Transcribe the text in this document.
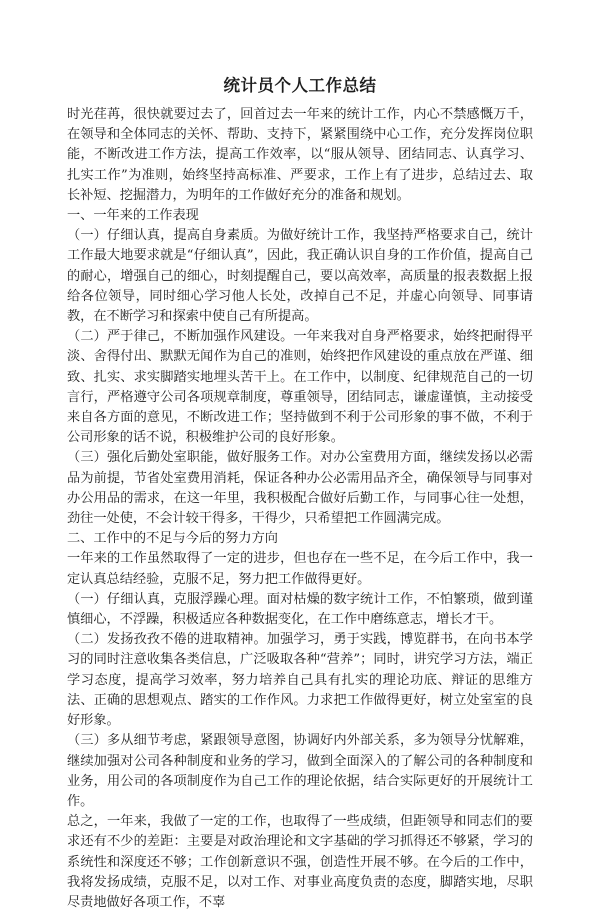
统计员个人工作总结

时光荏苒，很快就要过去了，回首过去一年来的统计工作，内心不禁感慨万千，在领导和全体同志的关怀、帮助、支持下，紧紧围绕中心工作，充分发挥岗位职能，不断改进工作方法，提高工作效率，以“服从领导、团结同志、认真学习、扎实工作”为准则，始终坚持高标准、严要求，工作上有了进步，总结过去、取长补短、挖掘潜力，为明年的工作做好充分的准备和规划。

一、一年来的工作表现

（一）仔细认真，提高自身素质。为做好统计工作，我坚持严格要求自己，统计工作最大地要求就是“仔细认真”，因此，我正确认识自身的工作价值，提高自己的耐心，增强自己的细心，时刻提醒自己，要以高效率，高质量的报表数据上报给各位领导，同时细心学习他人长处，改掉自己不足，并虚心向领导、同事请教，在不断学习和探索中使自己有所提高。

（二）严于律己，不断加强作风建设。一年来我对自身严格要求，始终把耐得平淡、舍得付出、默默无闻作为自己的准则，始终把作风建设的重点放在严谨、细致、扎实、求实脚踏实地埋头苦干上。在工作中，以制度、纪律规范自己的一切言行，严格遵守公司各项规章制度，尊重领导，团结同志，谦虚谨慎，主动接受来自各方面的意见，不断改进工作；坚持做到不利于公司形象的事不做，不利于公司形象的话不说，积极维护公司的良好形象。

（三）强化后勤处室职能，做好服务工作。对办公室费用方面，继续发扬以必需品为前提，节省处室费用消耗，保证各种办公必需用品齐全，确保领导与同事对办公用品的需求，在这一年里，我积极配合做好后勤工作，与同事心往一处想，劲往一处使，不会计较干得多，干得少，只希望把工作圆满完成。

二、工作中的不足与今后的努力方向

一年来的工作虽然取得了一定的进步，但也存在一些不足，在今后工作中，我一定认真总结经验，克服不足，努力把工作做得更好。

（一）仔细认真，克服浮躁心理。面对枯燥的数字统计工作，不怕繁琐，做到谨慎细心，不浮躁，积极适应各种数据变化，在工作中磨练意志，增长才干。

（二）发扬孜孜不倦的进取精神。加强学习，勇于实践，博览群书，在向书本学习的同时注意收集各类信息，广泛吸取各种“营养”；同时，讲究学习方法，端正学习态度，提高学习效率，努力培养自己具有扎实的理论功底、辩证的思维方法、正确的思想观点、踏实的工作作风。力求把工作做得更好，树立处室室的良好形象。

（三）多从细节考虑，紧跟领导意图，协调好内外部关系，多为领导分忧解难，继续加强对公司各种制度和业务的学习，做到全面深入的了解公司的各种制度和业务，用公司的各项制度作为自己工作的理论依据，结合实际更好的开展统计工作。

总之，一年来，我做了一定的工作，也取得了一些成绩，但距领导和同志们的要求还有不少的差距：主要是对政治理论和文字基础的学习抓得还不够紧，学习的系统性和深度还不够；工作创新意识不强，创造性开展不够。在今后的工作中，我将发扬成绩，克服不足，以对工作、对事业高度负责的态度，脚踏实地，尽职尽责地做好各项工作，不辜
